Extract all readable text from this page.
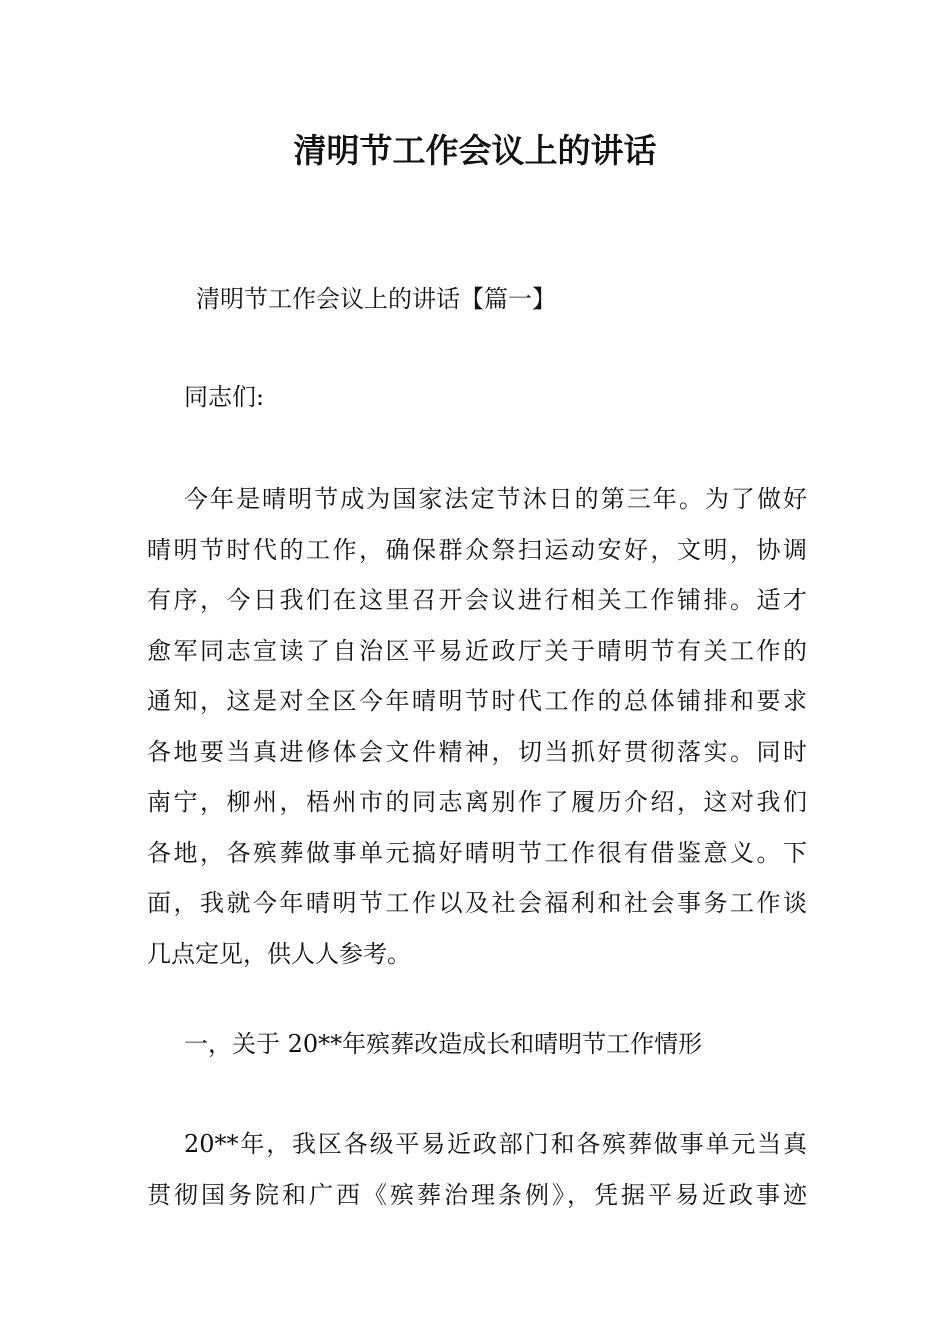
清明节工作会议上的讲话

清明节工作会议上的讲话【篇一】

同志们:

今年是晴明节成为国家法定节沐日的第三年。为了做好
晴明节时代的工作，确保群众祭扫运动安好，文明，协调
有序，今日我们在这里召开会议进行相关工作铺排。适才
愈军同志宣读了自治区平易近政厅关于晴明节有关工作的
通知，这是对全区今年晴明节时代工作的总体铺排和要求
各地要当真进修体会文件精神，切当抓好贯彻落实。同时
南宁，柳州，梧州市的同志离别作了履历介绍，这对我们
各地，各殡葬做事单元搞好晴明节工作很有借鉴意义。下
面，我就今年晴明节工作以及社会福利和社会事务工作谈
几点定见，供人人参考。

一，关于 20**年殡葬改造成长和晴明节工作情形

20**年，我区各级平易近政部门和各殡葬做事单元当真
贯彻国务院和广西《殡葬治理条例》，凭据平易近政事迹
